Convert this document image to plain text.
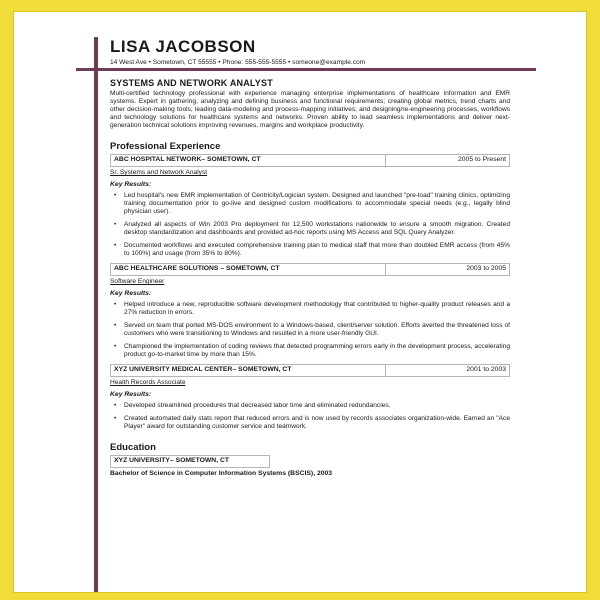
LISA JACOBSON
14 West Ave • Sometown, CT 55555 • Phone: 555-555-5555 • someone@example.com
SYSTEMS AND NETWORK ANALYST
Multi-certified technology professional with experience managing enterprise implementations of healthcare information and EMR systems. Expert in gathering, analyzing and defining business and functional requirements; creating global metrics, trend charts and other decision-making tools; leading data-modeling and process-mapping initiatives; and designing/re-engineering processes, workflows and technology solutions for healthcare systems and networks. Proven ability to lead seamless implementations and deliver next-generation technical solutions improving revenues, margins and workplace productivity.
Professional Experience
ABC HOSPITAL NETWORK– SOMETOWN, CT	2005 to Present
Sr. Systems and Network Analyst
Key Results:
• Led hospital's new EMR implementation of Centricity/Logician system. Designed and launched "pre-load" training clinics, optimizing training documentation prior to go-live and designed custom modifications to accommodate special needs (e.g., legally blind physician user).
• Analyzed all aspects of Win 2003 Pro deployment for 12,500 workstations nationwide to ensure a smooth migration. Created desktop standardization and dashboards and provided ad-hoc reports using MS Access and SQL Query Analyzer.
• Documented workflows and executed comprehensive training plan to medical staff that more than doubled EMR access (from 45% to 100%) and usage (from 35% to 80%).
ABC HEALTHCARE SOLUTIONS – SOMETOWN, CT	2003 to 2005
Software Engineer
Key Results:
• Helped introduce a new, reproducible software development methodology that contributed to higher-quality product releases and a 27% reduction in errors.
• Served on team that ported MS-DOS environment to a Windows-based, client/server solution. Efforts averted the threatened loss of customers who were transitioning to Windows and resulted in a more user-friendly GUI.
• Championed the implementation of coding reviews that detected programming errors early in the development process, accelerating product go-to-market time by more than 15%.
XYZ UNIVERSITY MEDICAL CENTER– SOMETOWN, CT	2001 to 2003
Health Records Associate
Key Results:
• Developed streamlined procedures that decreased labor time and eliminated redundancies.
• Created automated daily stats report that reduced errors and is now used by records associates organization-wide. Earned an "Ace Player" award for outstanding customer service and teamwork.
Education
XYZ UNIVERSITY– SOMETOWN, CT
Bachelor of Science in Computer Information Systems (BSCIS), 2003
